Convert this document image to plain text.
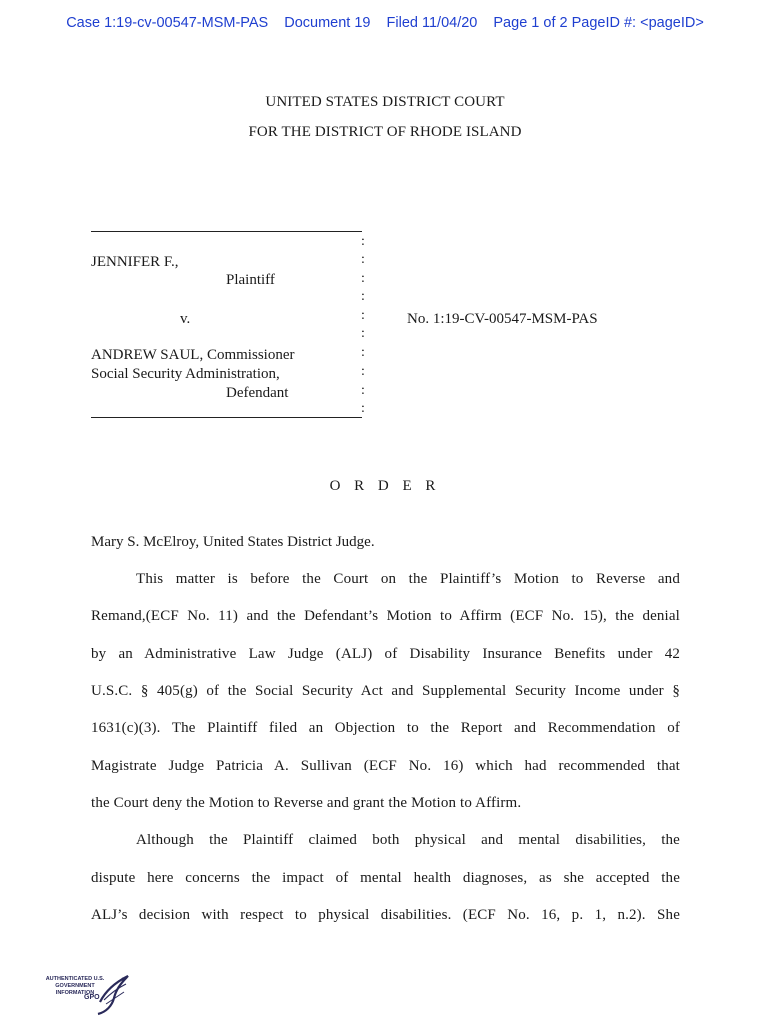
Case 1:19-cv-00547-MSM-PAS Document 19 Filed 11/04/20 Page 1 of 2 PageID #: <pageID>
UNITED STATES DISTRICT COURT
FOR THE DISTRICT OF RHODE ISLAND
JENNIFER F.,
Plaintiff
v.
ANDREW SAUL, Commissioner
Social Security Administration,
Defendant
No. 1:19-CV-00547-MSM-PAS
:
:
:
:
:
:
:
:
:
:
O R D E R
Mary S. McElroy, United States District Judge.
This matter is before the Court on the Plaintiff’s Motion to Reverse and
Remand,(ECF No. 11) and the Defendant’s Motion to Affirm (ECF No. 15), the denial
by an Administrative Law Judge (ALJ) of Disability Insurance Benefits under 42
U.S.C. § 405(g) of the Social Security Act and Supplemental Security Income under §
1631(c)(3). The Plaintiff filed an Objection to the Report and Recommendation of
Magistrate Judge Patricia A. Sullivan (ECF No. 16) which had recommended that
the Court deny the Motion to Reverse and grant the Motion to Affirm.
Although the Plaintiff claimed both physical and mental disabilities, the
dispute here concerns the impact of mental health diagnoses, as she accepted the
ALJ’s decision with respect to physical disabilities. (ECF No. 16, p. 1, n.2). She
AUTHENTICATED U.S. GOVERNMENT INFORMATION
GPO
